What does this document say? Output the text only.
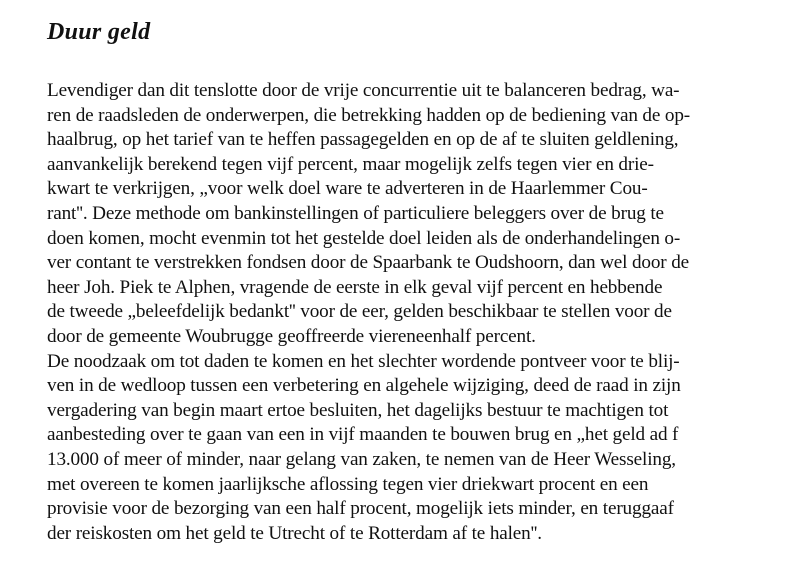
Duur geld
Levendiger dan dit tenslotte door de vrije concurrentie uit te balanceren bedrag, wa-
ren de raadsleden de onderwerpen, die betrekking hadden op de bediening van de op-
haalbrug, op het tarief van te heffen passagegelden en op de af te sluiten geldlening,
aanvankelijk berekend tegen vijf percent, maar mogelijk zelfs tegen vier en drie-
kwart te verkrijgen, „voor welk doel ware te adverteren in de Haarlemmer Cou-
rant''. Deze methode om bankinstellingen of particuliere beleggers over de brug te
doen komen, mocht evenmin tot het gestelde doel leiden als de onderhandelingen o-
ver contant te verstrekken fondsen door de Spaarbank te Oudshoorn, dan wel door de
heer Joh. Piek te Alphen, vragende de eerste in elk geval vijf percent en hebbende
de tweede „beleefdelijk bedankt'' voor de eer, gelden beschikbaar te stellen voor de
door de gemeente Woubrugge geoffreerde viereneenhalf percent.
De noodzaak om tot daden te komen en het slechter wordende pontveer voor te blij-
ven in de wedloop tussen een verbetering en algehele wijziging, deed de raad in zijn
vergadering van begin maart ertoe besluiten, het dagelijks bestuur te machtigen tot
aanbesteding over te gaan van een in vijf maanden te bouwen brug en „het geld ad f
13.000 of meer of minder, naar gelang van zaken, te nemen van de Heer Wesseling,
met overeen te komen jaarlijksche aflossing tegen vier driekwart procent en een
provisie voor de bezorging van een half procent, mogelijk iets minder, en teruggaaf
der reiskosten om het geld te Utrecht of te Rotterdam af te halen''.
